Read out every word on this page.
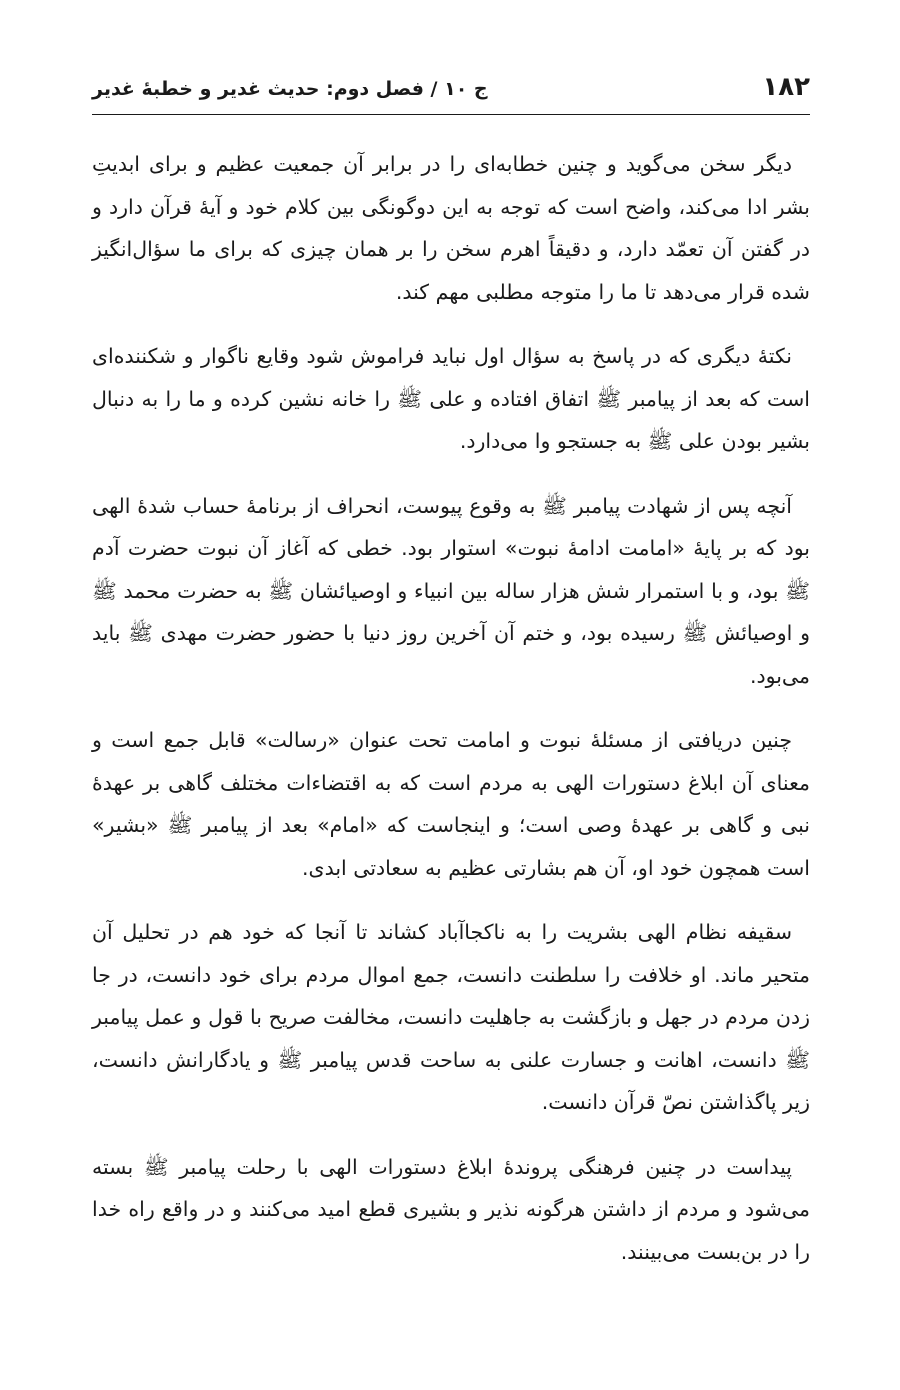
۱۸۲
ج ۱۰ / فصل دوم: حدیث غدیر و خطبهٔ غدیر

دیگر سخن می‌گوید و چنین خطابه‌ای را در برابر آن جمعیت عظیم و برای ابدیتِ بشر ادا می‌کند، واضح است که توجه به این دوگونگی بین کلام خود و آیهٔ قرآن دارد و در گفتن آن تعمّد دارد، و دقیقاً اهرم سخن را بر همان چیزی که برای ما سؤال‌انگیز شده قرار می‌دهد تا ما را متوجه مطلبی مهم کند.

نکتهٔ دیگری که در پاسخ به سؤال اول نباید فراموش شود وقایع ناگوار و شکننده‌ای است که بعد از پیامبر ﷺ اتفاق افتاده و علی ﷺ را خانه نشین کرده و ما را به دنبال بشیر بودن علی ﷺ به جستجو وا می‌دارد.

آنچه پس از شهادت پیامبر ﷺ به وقوع پیوست، انحراف از برنامهٔ حساب شدهٔ الهی بود که بر پایهٔ «امامت ادامهٔ نبوت» استوار بود. خطی که آغاز آن نبوت حضرت آدم ﷺ بود، و با استمرار شش هزار ساله بین انبیاء و اوصیائشان ﷺ به حضرت محمد ﷺ و اوصیائش ﷺ رسیده بود، و ختم آن آخرین روز دنیا با حضور حضرت مهدی ﷺ باید می‌بود.

چنین دریافتی از مسئلهٔ نبوت و امامت تحت عنوان «رسالت» قابل جمع است و معنای آن ابلاغ دستورات الهی به مردم است که به اقتضاءات مختلف گاهی بر عهدهٔ نبی و گاهی بر عهدهٔ وصی است؛ و اینجاست که «امام» بعد از پیامبر ﷺ «بشیر» است همچون خود او، آن هم بشارتی عظیم به سعادتی ابدی.

سقیفه نظام الهی بشریت را به ناکجاآباد کشاند تا آنجا که خود هم در تحلیل آن متحیر ماند. او خلافت را سلطنت دانست، جمع اموال مردم برای خود دانست، در جا زدن مردم در جهل و بازگشت به جاهلیت دانست، مخالفت صریح با قول و عمل پیامبر ﷺ دانست، اهانت و جسارت علنی به ساحت قدس پیامبر ﷺ و یادگارانش دانست، زیر پاگذاشتن نصّ قرآن دانست.

پیداست در چنین فرهنگی پروندهٔ ابلاغ دستورات الهی با رحلت پیامبر ﷺ بسته می‌شود و مردم از داشتن هرگونه نذیر و بشیری قطع امید می‌کنند و در واقع راه خدا را در بن‌بست می‌بینند.
